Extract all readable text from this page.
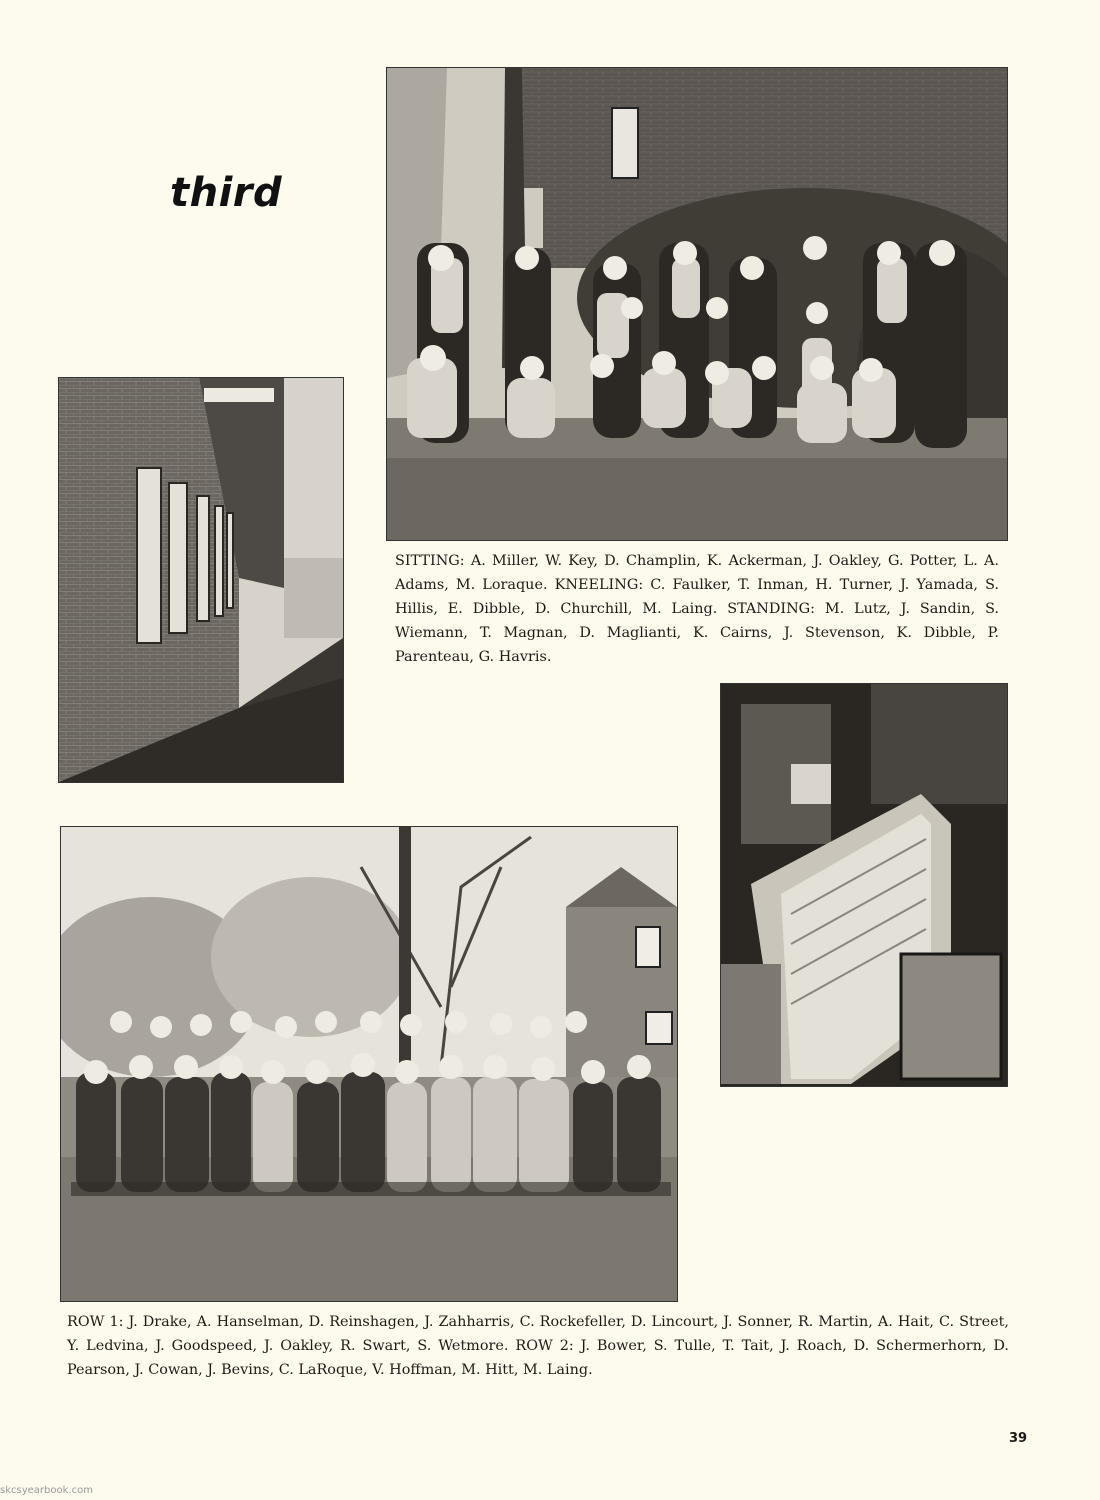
third

SITTING: A. Miller, W. Key, D. Champlin, K. Ackerman, J. Oakley, G. Potter, L. A. Adams, M. Loraque. KNEELING: C. Faulker, T. Inman, H. Turner, J. Yamada, S. Hillis, E. Dibble, D. Churchill, M. Laing. STANDING: M. Lutz, J. Sandin, S. Wiemann, T. Magnan, D. Maglianti, K. Cairns, J. Stevenson, K. Dibble, P. Parenteau, G. Havris.

ROW 1: J. Drake, A. Hanselman, D. Reinshagen, J. Zahharris, C. Rockefeller, D. Lincourt, J. Sonner, R. Martin, A. Hait, C. Street, Y. Ledvina, J. Goodspeed, J. Oakley, R. Swart, S. Wetmore. ROW 2: J. Bower, S. Tulle, T. Tait, J. Roach, D. Schermerhorn, D. Pearson, J. Cowan, J. Bevins, C. LaRoque, V. Hoffman, M. Hitt, M. Laing.

39
skcsyearbook.com
